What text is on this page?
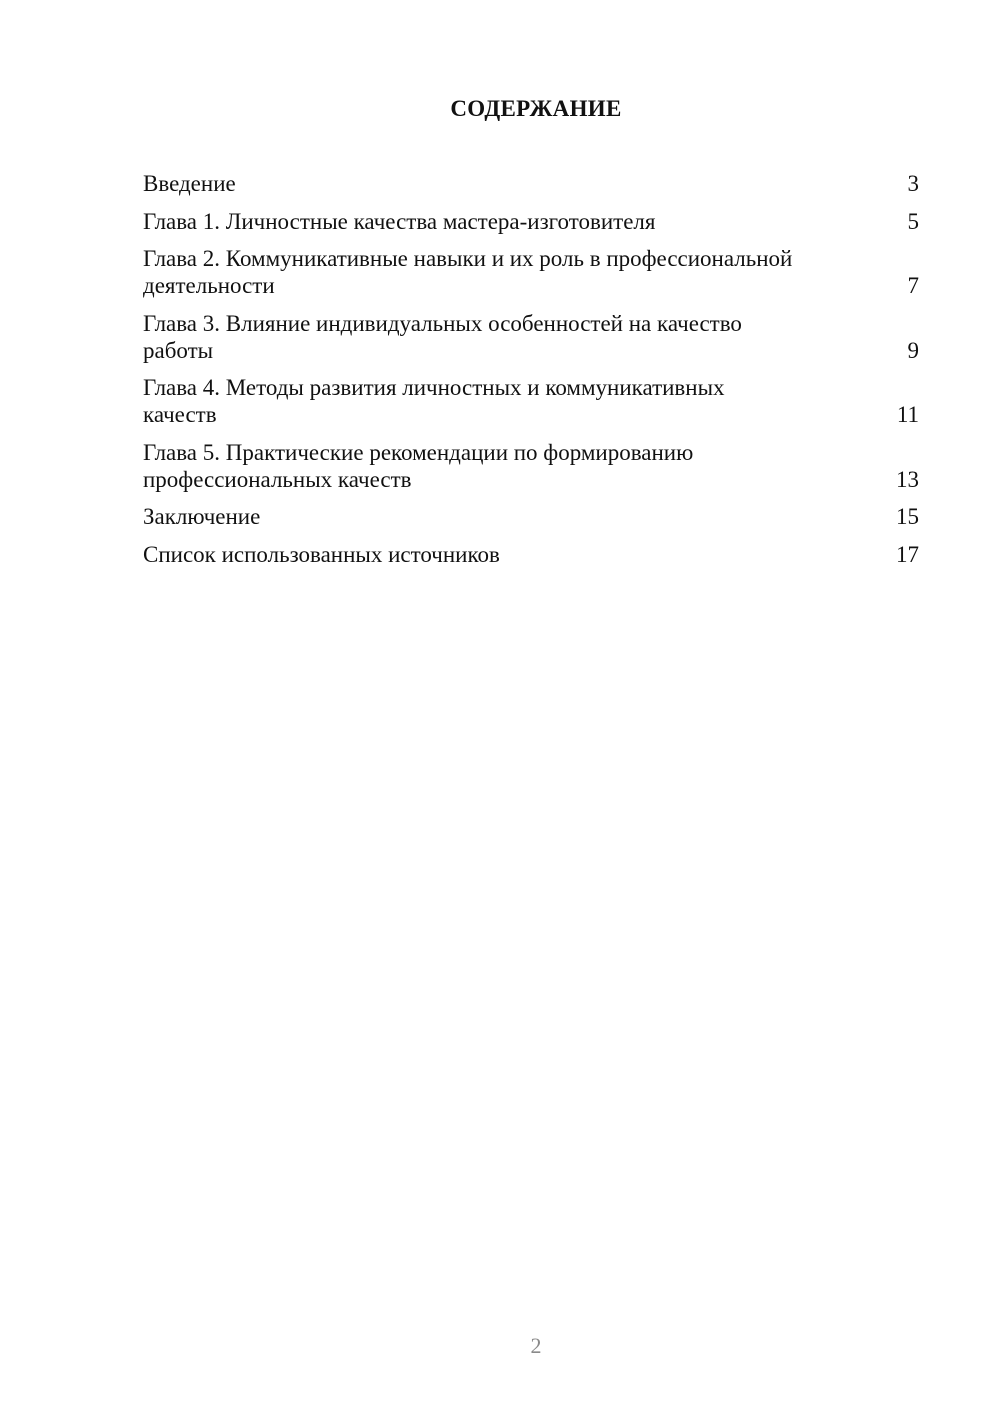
СОДЕРЖАНИЕ
Введение	3
Глава 1. Личностные качества мастера-изготовителя	5
Глава 2. Коммуникативные навыки и их роль в профессиональной деятельности	7
Глава 3. Влияние индивидуальных особенностей на качество работы	9
Глава 4. Методы развития личностных и коммуникативных качеств	11
Глава 5. Практические рекомендации по формированию профессиональных качеств	13
Заключение	15
Список использованных источников	17
2
